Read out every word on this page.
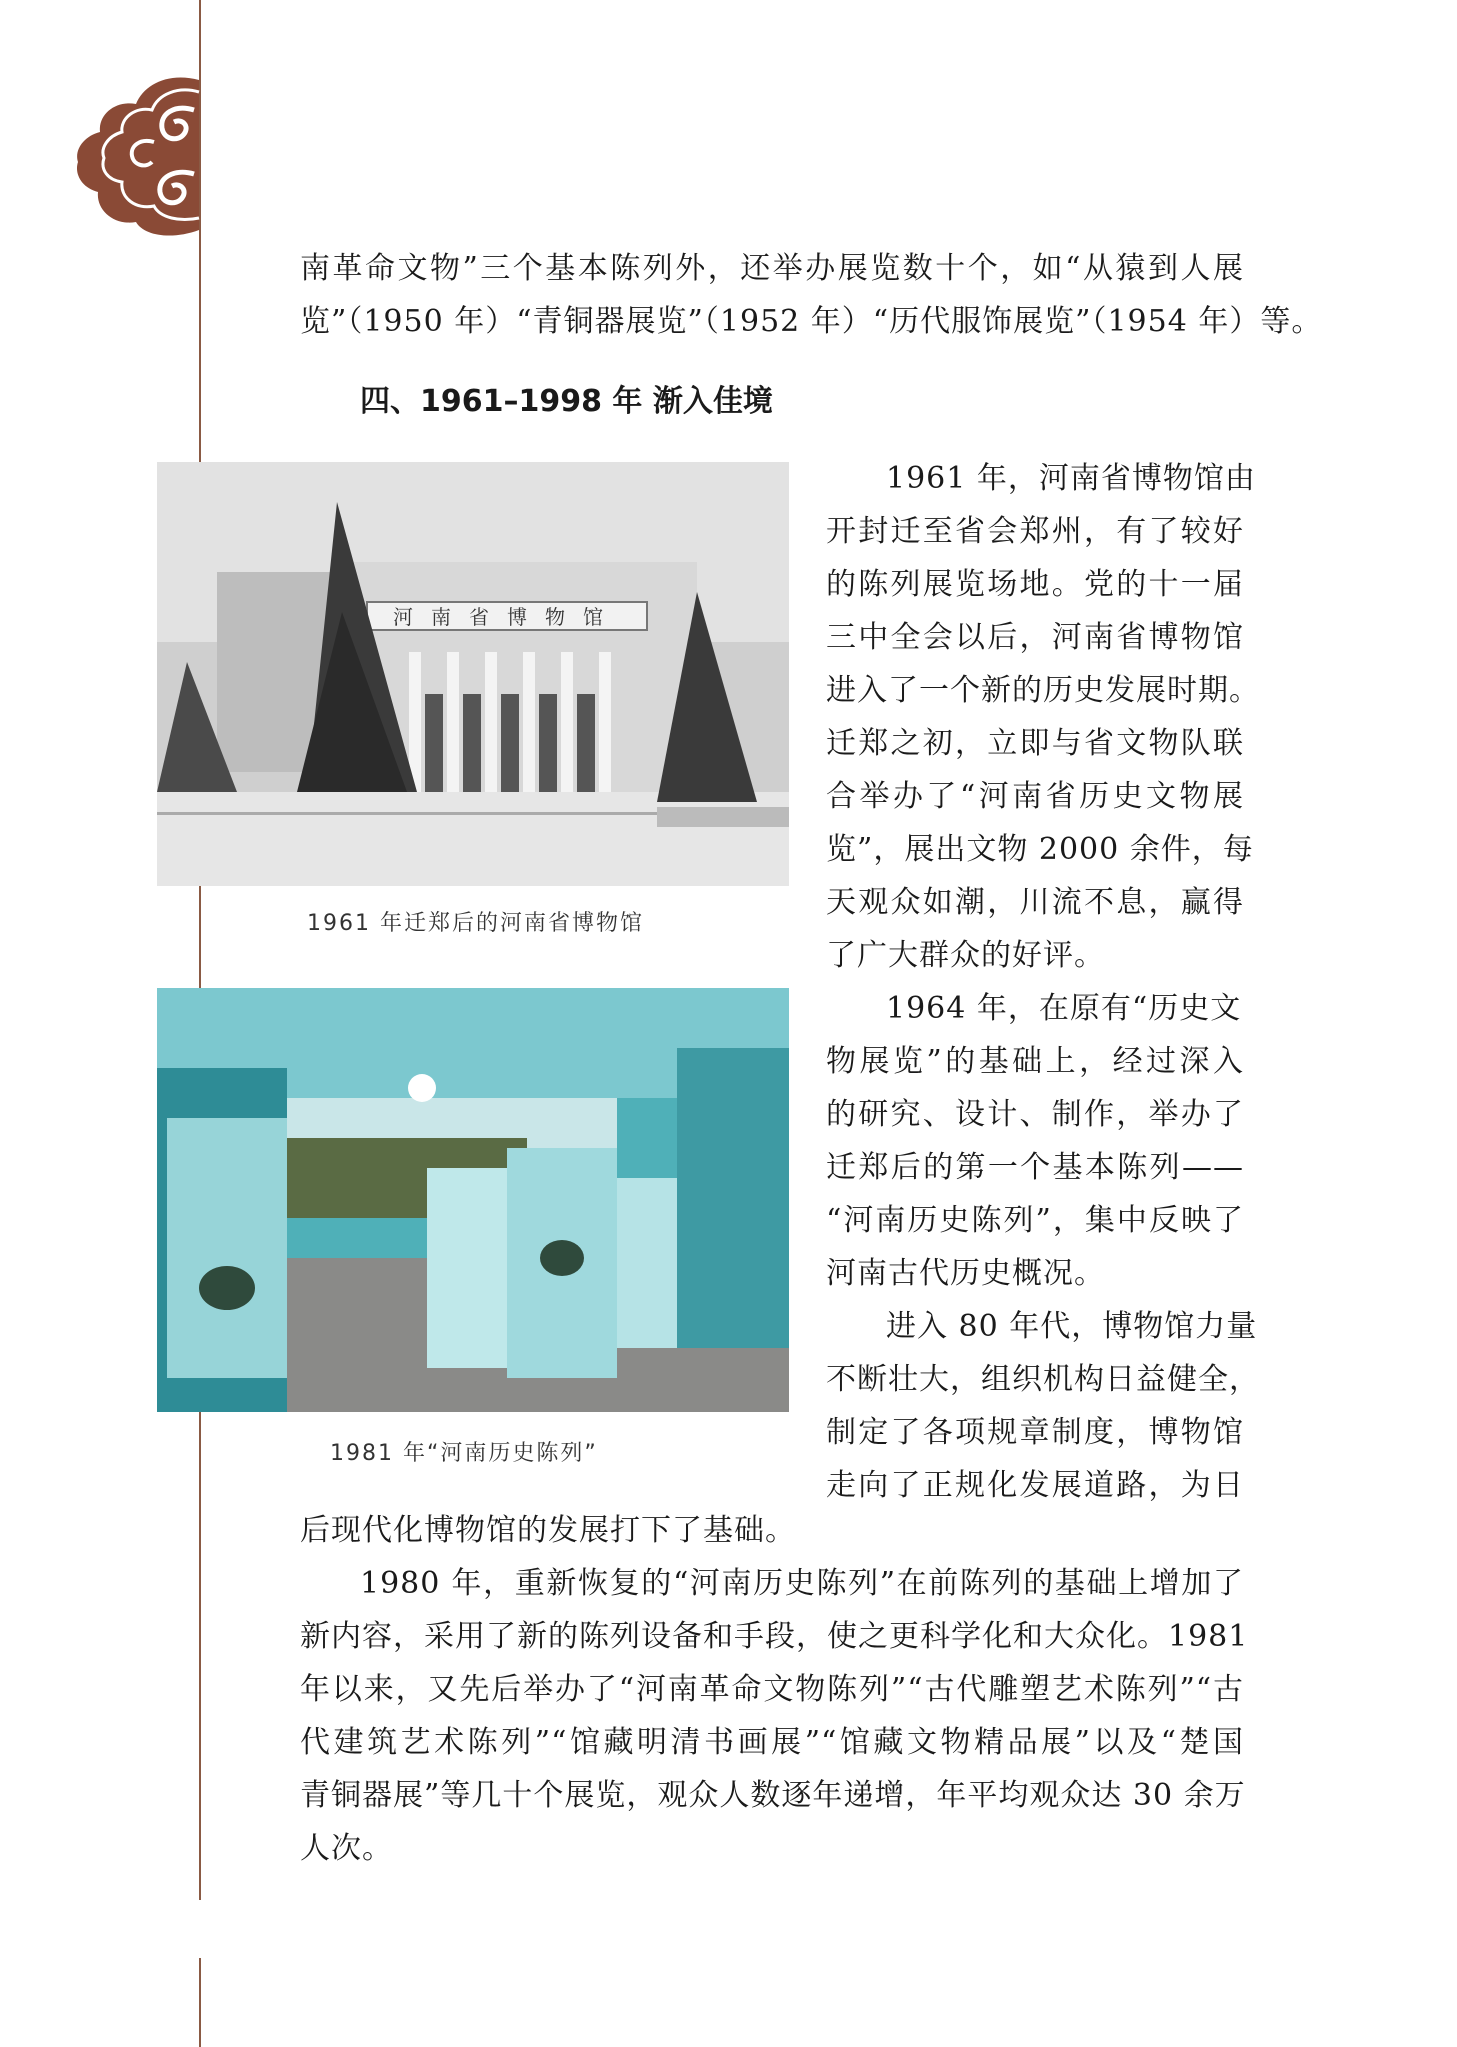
南革命文物”三个基本陈列外，还举办展览数十个，如“从猿到人展
览”（1950 年）“青铜器展览”（1952 年）“历代服饰展览”（1954 年）等。
四、1961–1998 年 渐入佳境
河南省博物馆
1961 年迁郑后的河南省博物馆
1981 年“河南历史陈列”
1961 年，河南省博物馆由
开封迁至省会郑州，有了较好
的陈列展览场地。党的十一届
三中全会以后，河南省博物馆
进入了一个新的历史发展时期。
迁郑之初，立即与省文物队联
合举办了“河南省历史文物展
览”，展出文物 2000 余件，每
天观众如潮，川流不息，赢得
了广大群众的好评。
1964 年，在原有“历史文
物展览”的基础上，经过深入
的研究、设计、制作，举办了
迁郑后的第一个基本陈列——
“河南历史陈列”，集中反映了
河南古代历史概况。
进入 80 年代，博物馆力量
不断壮大，组织机构日益健全，
制定了各项规章制度，博物馆
走向了正规化发展道路，为日
后现代化博物馆的发展打下了基础。
1980 年，重新恢复的“河南历史陈列”在前陈列的基础上增加了
新内容，采用了新的陈列设备和手段，使之更科学化和大众化。1981
年以来，又先后举办了“河南革命文物陈列”“古代雕塑艺术陈列”“古
代建筑艺术陈列”“馆藏明清书画展”“馆藏文物精品展”以及“楚国
青铜器展”等几十个展览，观众人数逐年递增，年平均观众达 30 余万
人次。
